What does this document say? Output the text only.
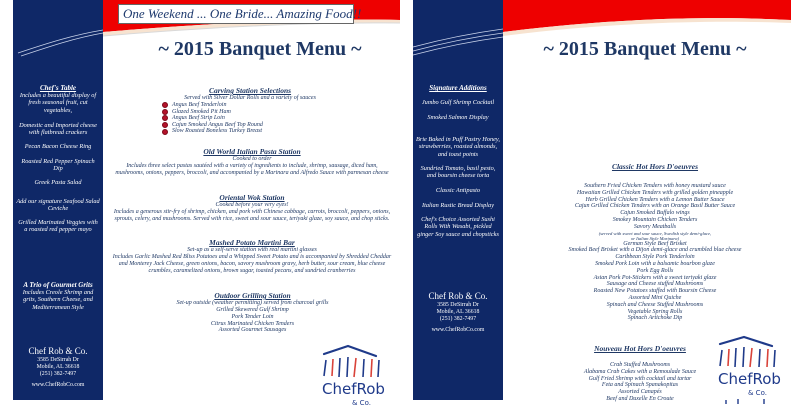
One Weekend ... One Bride... Amazing Food!!
Chef's Table
Includes a beautiful display of fresh seasonal fruit, cut vegetables,
Domestic and Imported cheese with flatbread crackers
Pecan Bacon Cheese Ring
Roasted Red Pepper Spinach Dip
Greek Pasta Salad
Add our signature Seafood Salad Ceviche
Grilled Marinated Veggies with a roasted red pepper mayo
A Trio of Gourmet Grits
Includes Creole Shrimp and grits, Southern Cheese, and Mediterranean Style
Chef Rob & Co.
3585 DeSirrah Dr
Mobile, AL 36618
(251) 382-7497
www.ChefRobCo.com
~ 2015 Banquet Menu ~
Carving Station Selections
Served with Silver Dollar Rolls and a variety of sauces
Angus Beef Tenderloin
Glazed Smoked Pit Ham
Angus Beef Strip Loin
Cajun Smoked Angus Beef Top Round
Slow Roasted Boneless Turkey Breast
Old World Italian Pasta Station
Cooked to order
Includes three select pastas sautéed with a variety of ingredients to include, shrimp, sausage, diced ham, mushrooms, onions, peppers, broccoli, and accompanied by a Marinara and Alfredo Sauce with parmesan cheese
Oriental Wok Station
Cooked before your very eyes!
Includes a generous stir-fry of shrimp, chicken, and pork with Chinese cabbage, carrots, broccoli, peppers, onions, sprouts, celery, and mushrooms. Served with rice, sweet and sour sauce, teriyaki glaze, soy sauce, and chop sticks.
Mashed Potato Martini Bar
Set-up as a self-serve station with real martini glasses
Includes Garlic Mashed Red Bliss Potatoes and a Whipped Sweet Potato and is accompanied by Shredded Cheddar and Monterey Jack Cheese, green onions, bacon, savory mushroom gravy, herb butter, sour cream, blue cheese crumbles, caramelized onions, brown sugar, toasted pecans, and sundried cranberries
Outdoor Grilling Station
Set-up outside (weather permitting) served from charcoal grills
Grilled Skewered Gulf Shrimp
Pork Tender Loin
Citrus Marinated Chicken Tenders
Assorted Gourmet Sausages
ChefRob
& Co.
Signature Additions
Jumbo Gulf Shrimp Cocktail
Smoked Salmon Display
Brie Baked in Puff Pastry Honey, strawberries, roasted almonds, and toast points
Sundried Tomato, basil pesto, and boursin cheese torta
Classic Antipasto
Italian Rustic Bread Display
Chef's Choice Assorted Sushi Rolls With Wasabi, pickled ginger Soy sauce and chopsticks
Chef Rob & Co.
3585 DeSirrah Dr
Mobile, AL 36618
(251) 382-7497
www.ChefRobCo.com
~ 2015 Banquet Menu ~
Classic Hot Hors D'oeuvres
Southern Fried Chicken Tenders with honey mustard sauce
Hawaiian Grilled Chicken Tenders with grilled golden pineapple
Herb Grilled Chicken Tenders with a Lemon Butter Sauce
Cajun Grilled Chicken Tenders with an Orange Basil Butter Sauce
Cajun Smoked Buffalo wings
Smokey Mountain Chicken Tenders
Savory Meatballs
(served with sweet and sour sauce, Swedish style demi-glace,
or Italian Style Marinara)
German Style Beef Brisket
Smoked Beef Brisket with a Dijon demi-glace and crumbled blue cheese
Caribbean Style Pork Tenderloin
Smoked Pork Loin with a balsamic bourbon glaze
Pork Egg Rolls
Asian Pork Pot-Stickers with a sweet teriyaki glaze
Sausage and Cheese stuffed Mushrooms
Roasted New Potatoes stuffed with Boursin Cheese
Assorted Mini Quiche
Spinach and Cheese Stuffed Mushrooms
Vegetable Spring Rolls
Spinach Artichoke Dip
Nouveau Hot Hors D'oeuvres
Crab Stuffed Mushrooms
Alabama Crab Cakes with a Remoulade Sauce
Gulf Fried Shrimp with cocktail and tartar
Feta and Spinach Spanakopitas
Assorted Canapés
Beef and Duxelle En Croute
ChefRob
& Co.
